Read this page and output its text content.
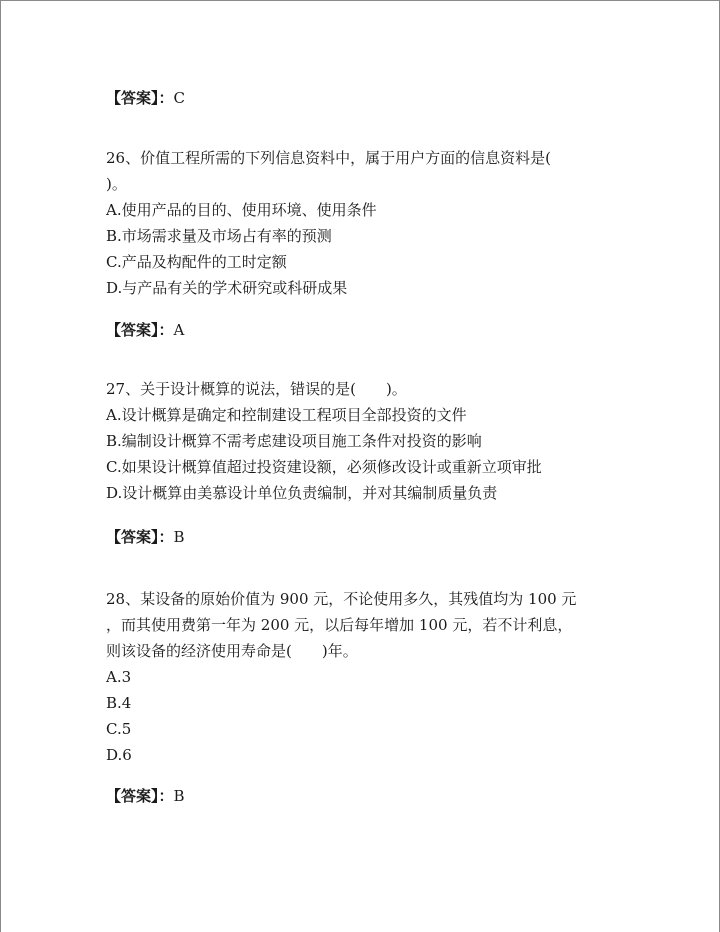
【答案】：C
26、价值工程所需的下列信息资料中，属于用户方面的信息资料是(
)。
A.使用产品的目的、使用环境、使用条件
B.市场需求量及市场占有率的预测
C.产品及构配件的工时定额
D.与产品有关的学术研究或科研成果
【答案】：A
27、关于设计概算的说法，错误的是(　　)。
A.设计概算是确定和控制建设工程项目全部投资的文件
B.编制设计概算不需考虑建设项目施工条件对投资的影响
C.如果设计概算值超过投资建设额，必须修改设计或重新立项审批
D.设计概算由美慕设计单位负责编制，并对其编制质量负责
【答案】：B
28、某设备的原始价值为 900 元，不论使用多久，其残值均为 100 元
，而其使用费第一年为 200 元，以后每年增加 100 元，若不计利息，
则该设备的经济使用寿命是(　　)年。
A.3
B.4
C.5
D.6
【答案】：B
